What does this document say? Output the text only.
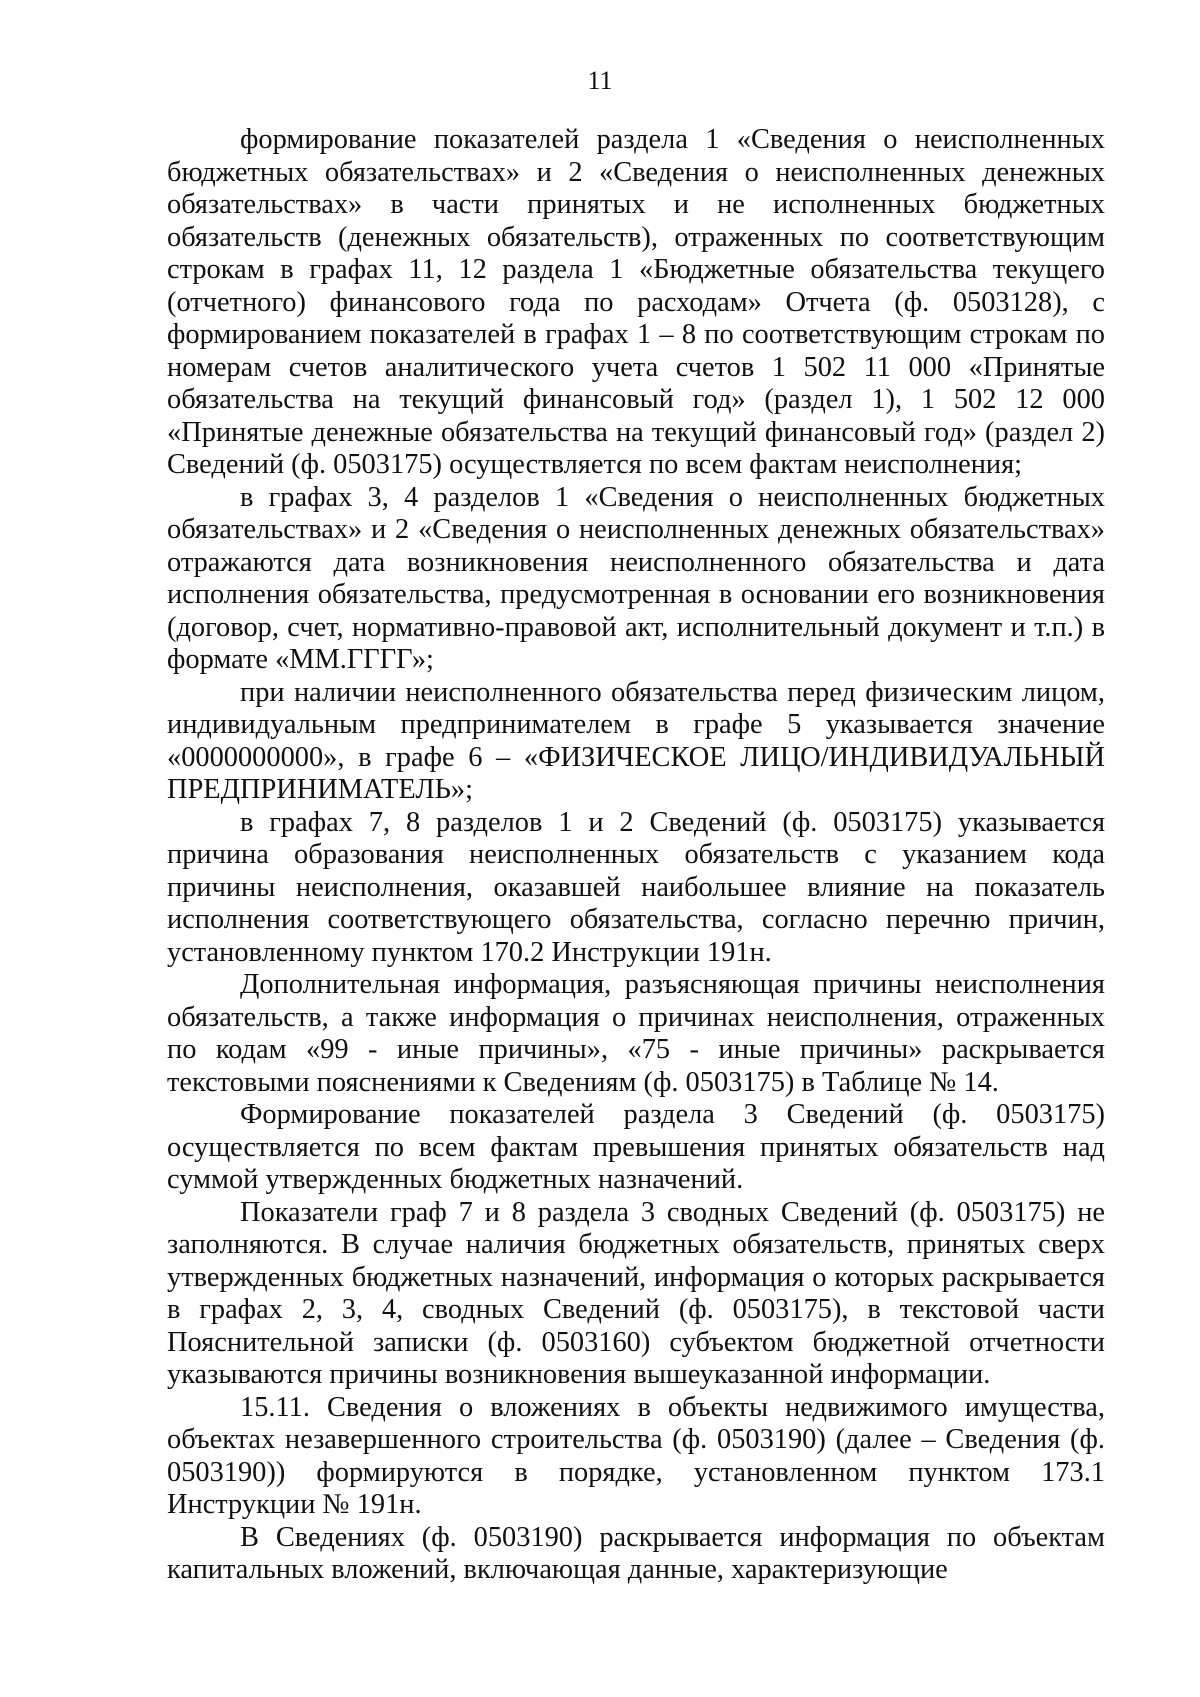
11

формирование показателей раздела 1 «Сведения о неисполненных бюджетных обязательствах» и 2 «Сведения о неисполненных денежных обязательствах» в части принятых и не исполненных бюджетных обязательств (денежных обязательств), отраженных по соответствующим строкам в графах 11, 12 раздела 1 «Бюджетные обязательства текущего (отчетного) финансового года по расходам» Отчета (ф. 0503128), с формированием показателей в графах 1 – 8 по соответствующим строкам по номерам счетов аналитического учета счетов 1 502 11 000 «Принятые обязательства на текущий финансовый год» (раздел 1), 1 502 12 000 «Принятые денежные обязательства на текущий финансовый год» (раздел 2) Сведений (ф. 0503175) осуществляется по всем фактам неисполнения;

в графах 3, 4 разделов 1 «Сведения о неисполненных бюджетных обязательствах» и 2 «Сведения о неисполненных денежных обязательствах» отражаются дата возникновения неисполненного обязательства и дата исполнения обязательства, предусмотренная в основании его возникновения (договор, счет, нормативно-правовой акт, исполнительный документ и т.п.) в формате «ММ.ГГГГ»;

при наличии неисполненного обязательства перед физическим лицом, индивидуальным предпринимателем в графе 5 указывается значение «0000000000», в графе 6 – «ФИЗИЧЕСКОЕ ЛИЦО/ИНДИВИДУАЛЬНЫЙ ПРЕДПРИНИМАТЕЛЬ»;

в графах 7, 8 разделов 1 и 2 Сведений (ф. 0503175) указывается причина образования неисполненных обязательств с указанием кода причины неисполнения, оказавшей наибольшее влияние на показатель исполнения соответствующего обязательства, согласно перечню причин, установленному пунктом 170.2 Инструкции 191н.

Дополнительная информация, разъясняющая причины неисполнения обязательств, а также информация о причинах неисполнения, отраженных по кодам «99 - иные причины», «75 - иные причины» раскрывается текстовыми пояснениями к Сведениям (ф. 0503175) в Таблице № 14.

Формирование показателей раздела 3 Сведений (ф. 0503175) осуществляется по всем фактам превышения принятых обязательств над суммой утвержденных бюджетных назначений.

Показатели граф 7 и 8 раздела 3 сводных Сведений (ф. 0503175) не заполняются. В случае наличия бюджетных обязательств, принятых сверх утвержденных бюджетных назначений, информация о которых раскрывается в графах 2, 3, 4, сводных Сведений (ф. 0503175), в текстовой части Пояснительной записки (ф. 0503160) субъектом бюджетной отчетности указываются причины возникновения вышеуказанной информации.

15.11. Сведения о вложениях в объекты недвижимого имущества, объектах незавершенного строительства (ф. 0503190) (далее – Сведения (ф. 0503190)) формируются в порядке, установленном пунктом 173.1 Инструкции № 191н.

В Сведениях (ф. 0503190) раскрывается информация по объектам капитальных вложений, включающая данные, характеризующие
